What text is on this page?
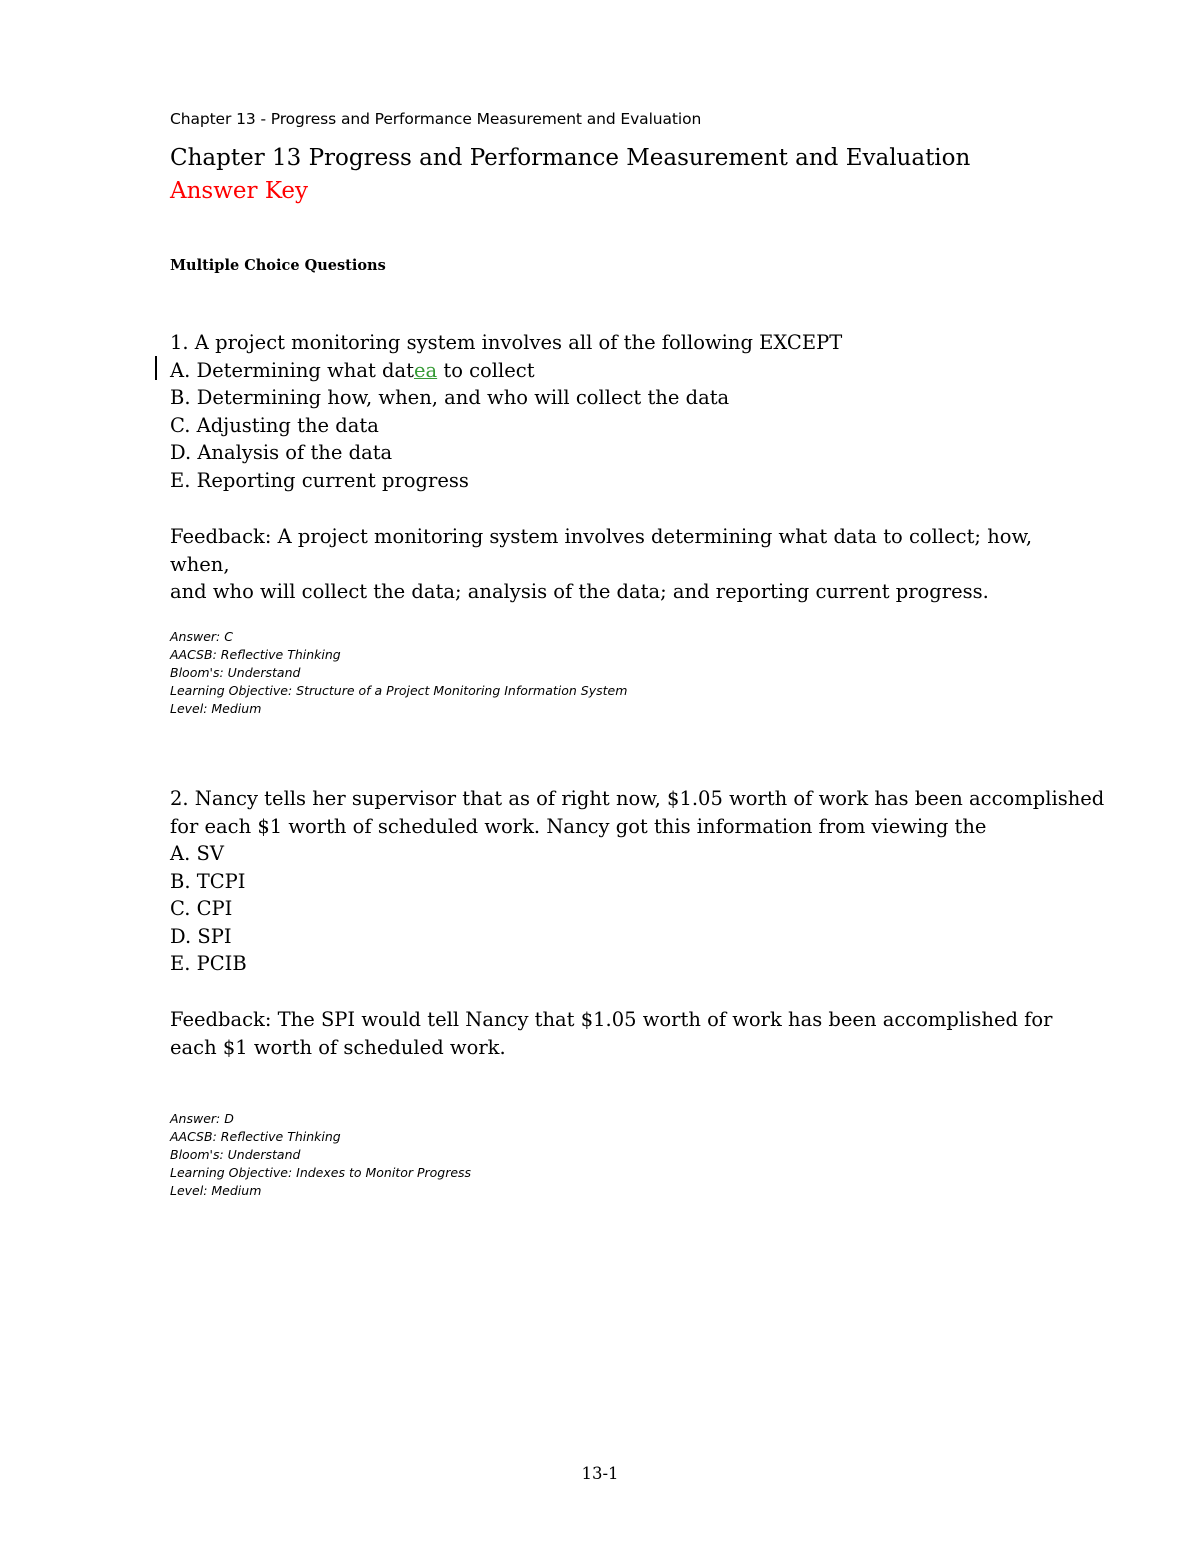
Chapter 13 - Progress and Performance Measurement and Evaluation
Chapter 13 Progress and Performance Measurement and Evaluation Answer Key
Multiple Choice Questions
1. A project monitoring system involves all of the following EXCEPT
A. Determining what datea to collect
B. Determining how, when, and who will collect the data
C. Adjusting the data
D. Analysis of the data
E. Reporting current progress
Feedback: A project monitoring system involves determining what data to collect; how, when,
and who will collect the data; analysis of the data; and reporting current progress.
Answer: C
AACSB: Reflective Thinking
Bloom's: Understand
Learning Objective: Structure of a Project Monitoring Information System
Level: Medium
2. Nancy tells her supervisor that as of right now, $1.05 worth of work has been accomplished
for each $1 worth of scheduled work. Nancy got this information from viewing the
A. SV
B. TCPI
C. CPI
D. SPI
E. PCIB
Feedback: The SPI would tell Nancy that $1.05 worth of work has been accomplished for
each $1 worth of scheduled work.
Answer: D
AACSB: Reflective Thinking
Bloom's: Understand
Learning Objective: Indexes to Monitor Progress
Level: Medium
13-1
